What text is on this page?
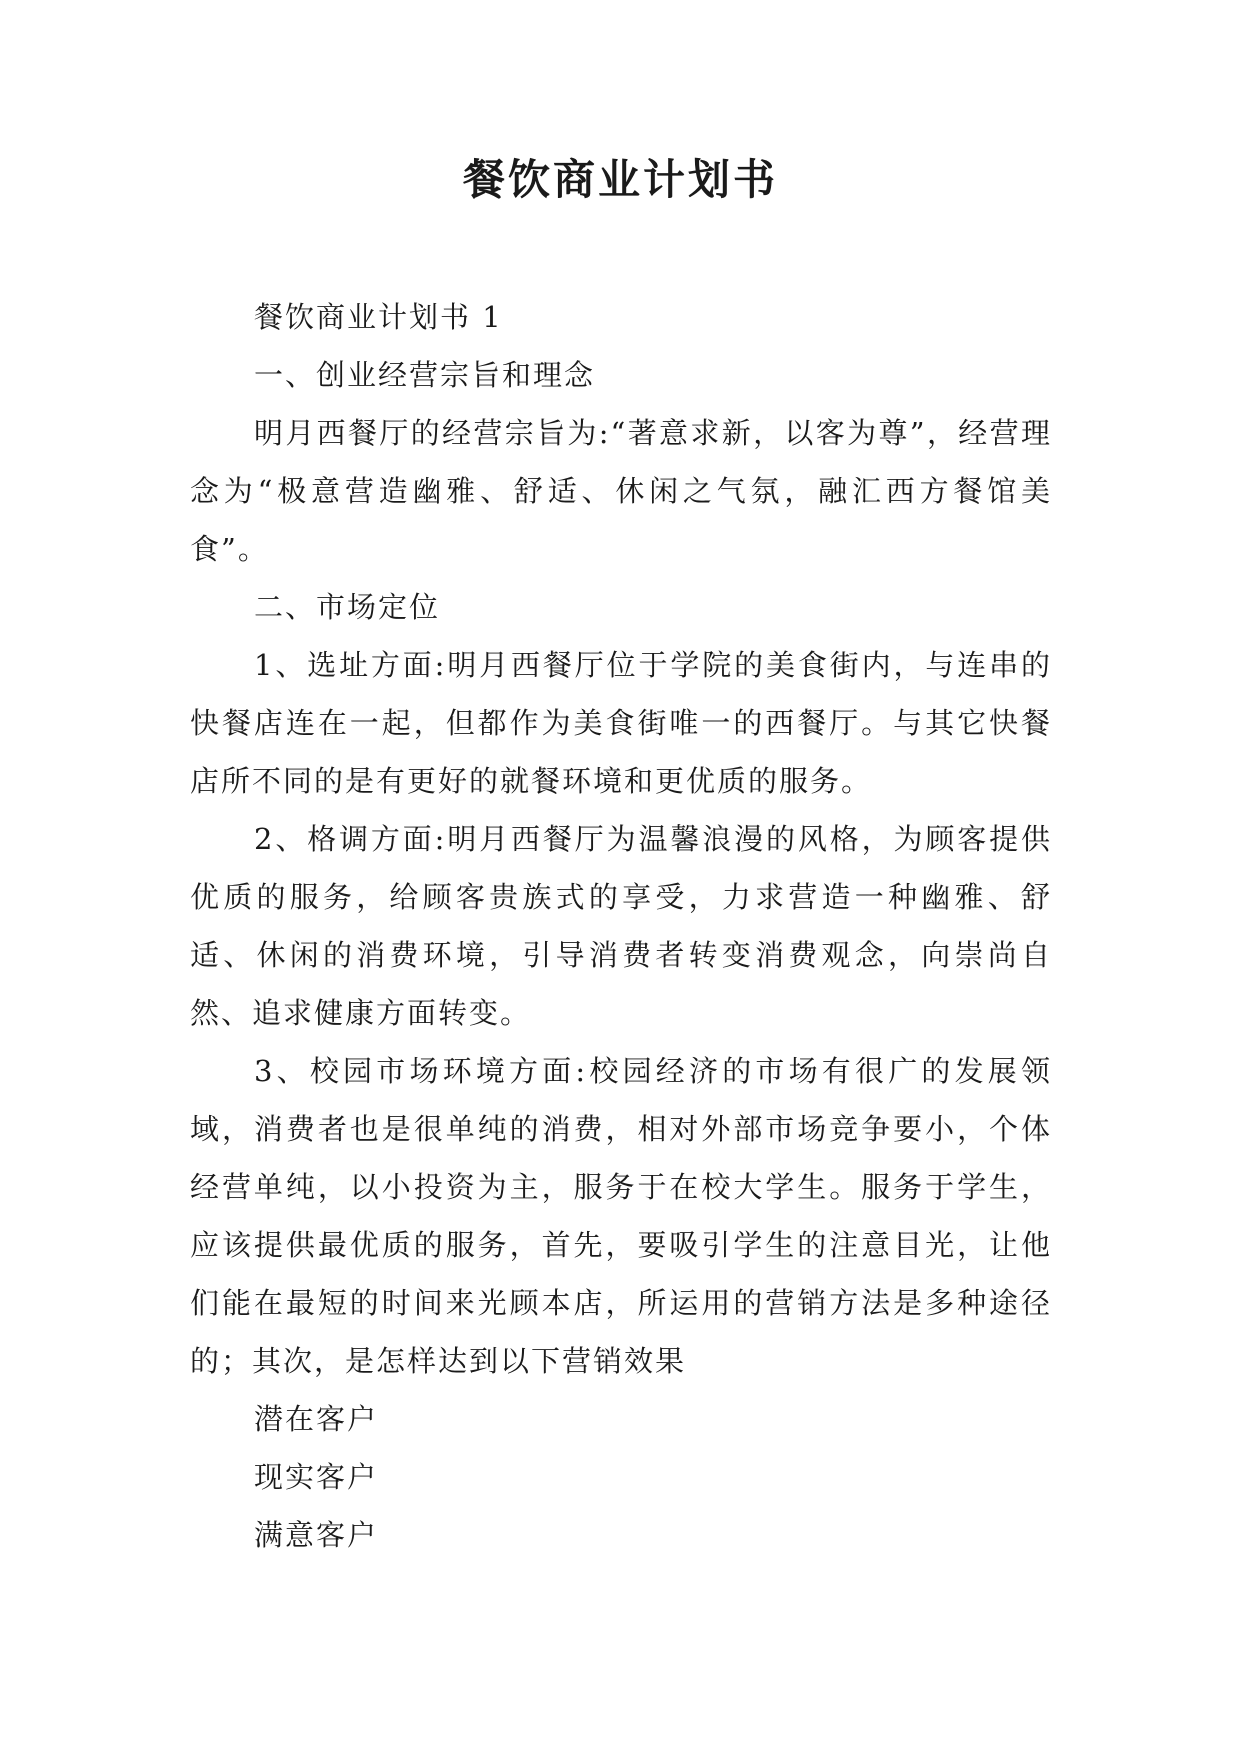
餐饮商业计划书

餐饮商业计划书 1

一、创业经营宗旨和理念

明月西餐厅的经营宗旨为:“著意求新，以客为尊”，经营理念为“极意营造幽雅、舒适、休闲之气氛，融汇西方餐馆美食”。

二、市场定位

1、选址方面:明月西餐厅位于学院的美食街内，与连串的快餐店连在一起，但都作为美食街唯一的西餐厅。与其它快餐店所不同的是有更好的就餐环境和更优质的服务。

2、格调方面:明月西餐厅为温馨浪漫的风格，为顾客提供优质的服务，给顾客贵族式的享受，力求营造一种幽雅、舒适、休闲的消费环境，引导消费者转变消费观念，向崇尚自然、追求健康方面转变。

3、校园市场环境方面:校园经济的市场有很广的发展领域，消费者也是很单纯的消费，相对外部市场竞争要小，个体经营单纯，以小投资为主，服务于在校大学生。服务于学生，应该提供最优质的服务，首先，要吸引学生的注意目光，让他们能在最短的时间来光顾本店，所运用的营销方法是多种途径的；其次，是怎样达到以下营销效果

潜在客户

现实客户

满意客户
